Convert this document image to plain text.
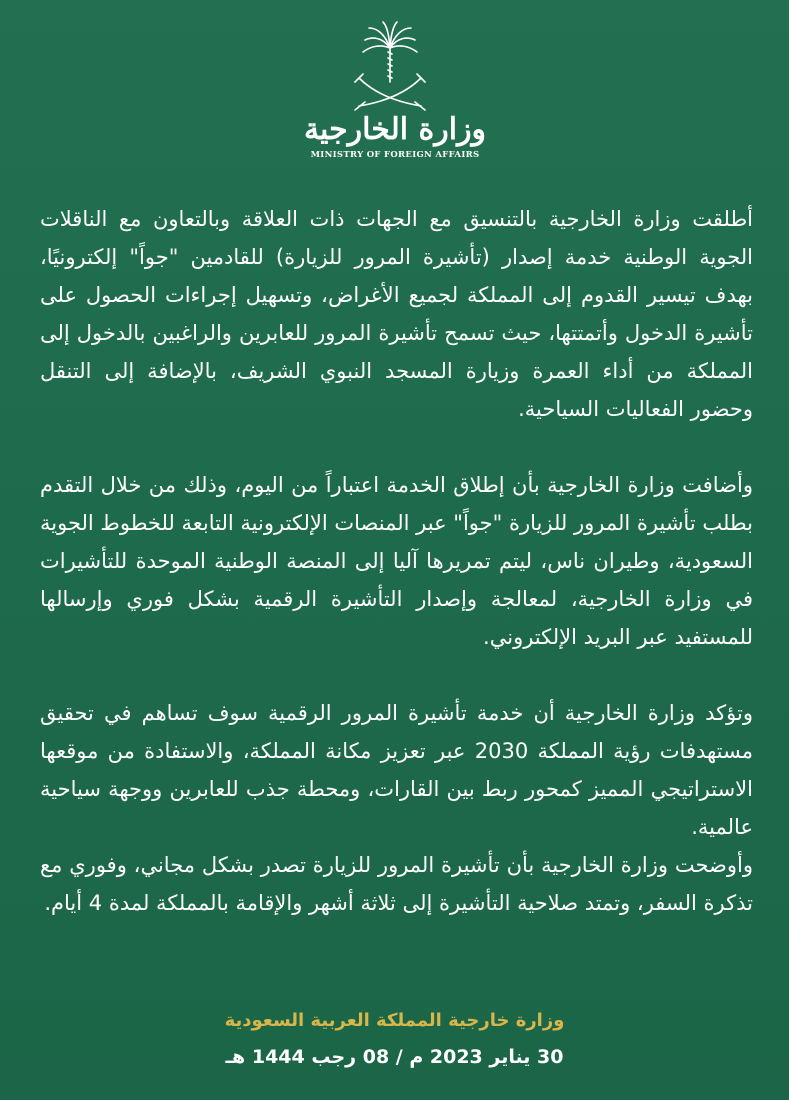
وزارة الخارجية
MINISTRY OF FOREIGN AFFAIRS

أطلقت وزارة الخارجية بالتنسيق مع الجهات ذات العلاقة وبالتعاون مع الناقلات الجوية الوطنية خدمة إصدار (تأشيرة المرور للزيارة) للقادمين "جواً" إلكترونيًا، بهدف تيسير القدوم إلى المملكة لجميع الأغراض، وتسهيل إجراءات الحصول على تأشيرة الدخول وأتمتتها، حيث تسمح تأشيرة المرور للعابرين والراغبين بالدخول إلى المملكة من أداء العمرة وزيارة المسجد النبوي الشريف، بالإضافة إلى التنقل وحضور الفعاليات السياحية.

وأضافت وزارة الخارجية بأن إطلاق الخدمة اعتباراً من اليوم، وذلك من خلال التقدم بطلب تأشيرة المرور للزيارة "جواً" عبر المنصات الإلكترونية التابعة للخطوط الجوية السعودية، وطيران ناس، ليتم تمريرها آليا إلى المنصة الوطنية الموحدة للتأشيرات في وزارة الخارجية، لمعالجة وإصدار التأشيرة الرقمية بشكل فوري وإرسالها للمستفيد عبر البريد الإلكتروني.

وتؤكد وزارة الخارجية أن خدمة تأشيرة المرور الرقمية سوف تساهم في تحقيق مستهدفات رؤية المملكة 2030 عبر تعزيز مكانة المملكة، والاستفادة من موقعها الاستراتيجي المميز كمحور ربط بين القارات، ومحطة جذب للعابرين ووجهة سياحية عالمية.

وأوضحت وزارة الخارجية بأن تأشيرة المرور للزيارة تصدر بشكل مجاني، وفوري مع تذكرة السفر، وتمتد صلاحية التأشيرة إلى ثلاثة أشهر والإقامة بالمملكة لمدة 4 أيام.

وزارة خارجية المملكة العربية السعودية
30 يناير 2023 م / 08 رجب 1444 هـ
